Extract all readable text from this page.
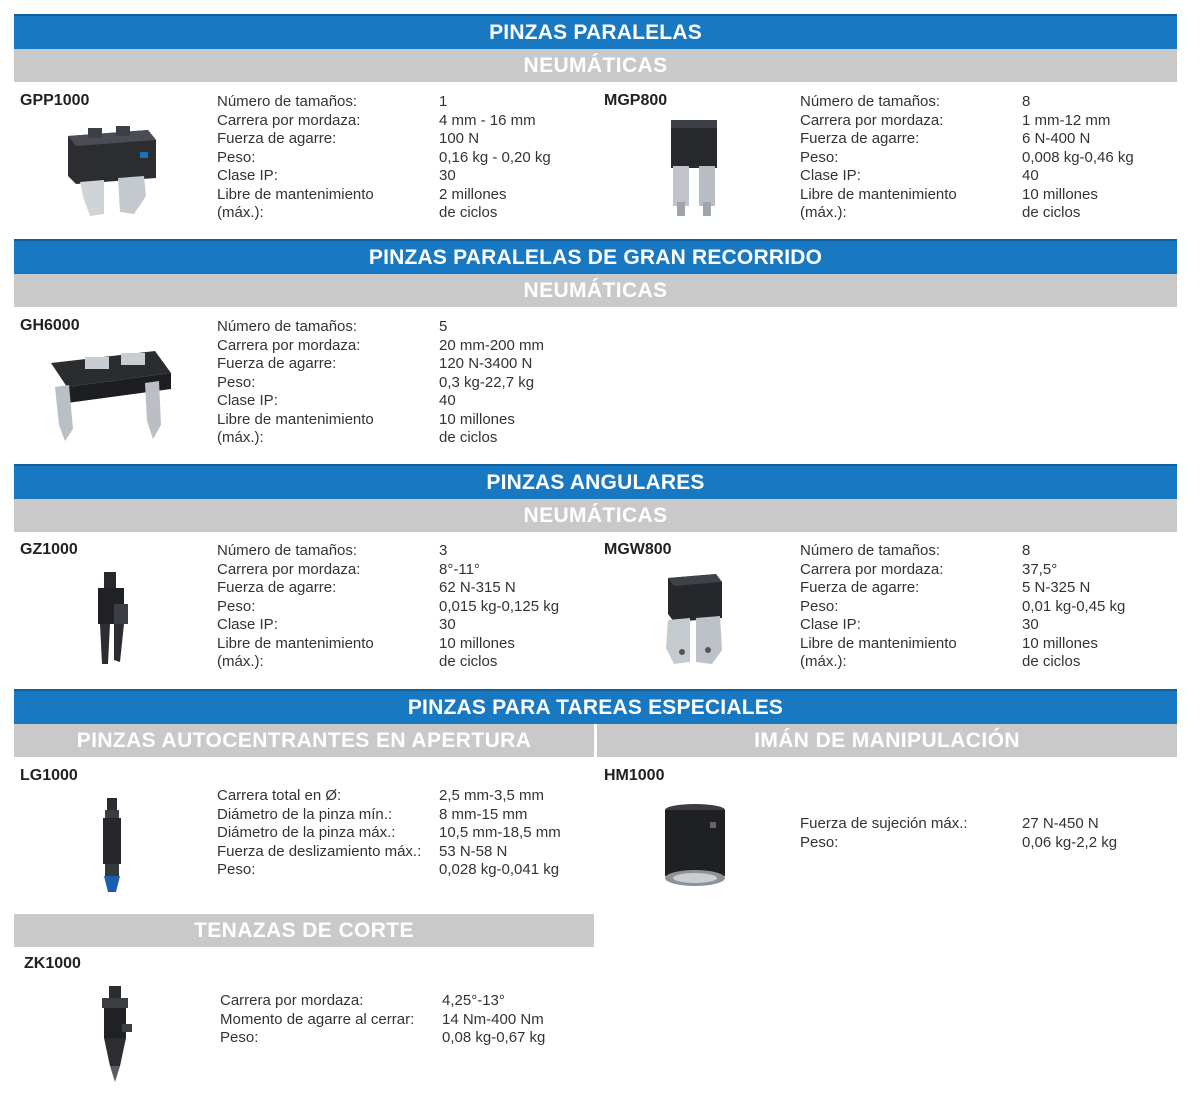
PINZAS PARALELAS
NEUMÁTICAS
GPP1000	Número de tamaños:	1
Carrera por mordaza:	4 mm - 16 mm
Fuerza de agarre:	100 N
Peso:	0,16 kg - 0,20 kg
Clase IP:	30
Libre de mantenimiento	2 millones
(máx.):	de ciclos
MGP800	Número de tamaños:	8
Carrera por mordaza:	1 mm-12 mm
Fuerza de agarre:	6 N-400 N
Peso:	0,008 kg-0,46 kg
Clase IP:	40
Libre de mantenimiento	10 millones
(máx.):	de ciclos
PINZAS PARALELAS DE GRAN RECORRIDO
NEUMÁTICAS
GH6000	Número de tamaños:	5
Carrera por mordaza:	20 mm-200 mm
Fuerza de agarre:	120 N-3400 N
Peso:	0,3 kg-22,7 kg
Clase IP:	40
Libre de mantenimiento	10 millones
(máx.):	de ciclos
PINZAS ANGULARES
NEUMÁTICAS
GZ1000	Número de tamaños:	3
Carrera por mordaza:	8°-11°
Fuerza de agarre:	62 N-315 N
Peso:	0,015 kg-0,125 kg
Clase IP:	30
Libre de mantenimiento	10 millones
(máx.):	de ciclos
MGW800	Número de tamaños:	8
Carrera por mordaza:	37,5°
Fuerza de agarre:	5 N-325 N
Peso:	0,01 kg-0,45 kg
Clase IP:	30
Libre de mantenimiento	10 millones
(máx.):	de ciclos
PINZAS PARA TAREAS ESPECIALES
PINZAS AUTOCENTRANTES EN APERTURA	IMÁN DE MANIPULACIÓN
LG1000
Carrera total en Ø:	2,5 mm-3,5 mm
Diámetro de la pinza mín.:	8 mm-15 mm
Diámetro de la pinza máx.:	10,5 mm-18,5 mm
Fuerza de deslizamiento máx.:	53 N-58 N
Peso:	0,028 kg-0,041 kg
HM1000
Fuerza de sujeción máx.:	27 N-450 N
Peso:	0,06 kg-2,2 kg
TENAZAS DE CORTE
ZK1000
Carrera por mordaza:	4,25°-13°
Momento de agarre al cerrar:	14 Nm-400 Nm
Peso:	0,08 kg-0,67 kg
